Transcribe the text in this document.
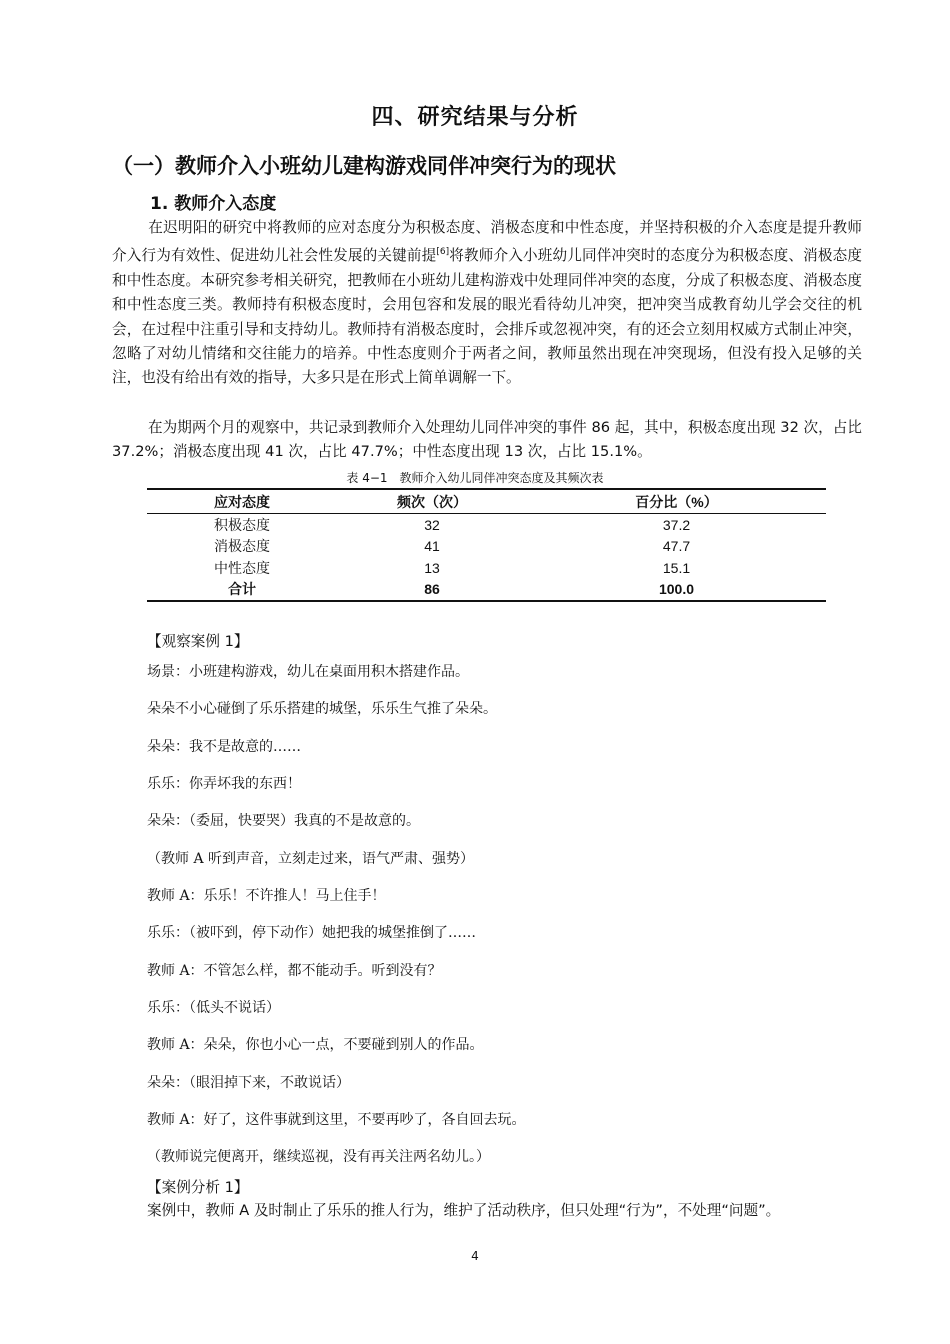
四、研究结果与分析
（一）教师介入小班幼儿建构游戏同伴冲突行为的现状
1. 教师介入态度
在迟明阳的研究中将教师的应对态度分为积极态度、消极态度和中性态度，并坚持积极的介入态度是提升教师介入行为有效性、促进幼儿社会性发展的关键前提[6]将教师介入小班幼儿同伴冲突时的态度分为积极态度、消极态度和中性态度。本研究参考相关研究，把教师在小班幼儿建构游戏中处理同伴冲突的态度，分成了积极态度、消极态度和中性态度三类。教师持有积极态度时，会用包容和发展的眼光看待幼儿冲突，把冲突当成教育幼儿学会交往的机会，在过程中注重引导和支持幼儿。教师持有消极态度时，会排斥或忽视冲突，有的还会立刻用权威方式制止冲突，忽略了对幼儿情绪和交往能力的培养。中性态度则介于两者之间，教师虽然出现在冲突现场，但没有投入足够的关注，也没有给出有效的指导，大多只是在形式上简单调解一下。
在为期两个月的观察中，共记录到教师介入处理幼儿同伴冲突的事件 86 起，其中，积极态度出现 32 次，占比 37.2%；消极态度出现 41 次，占比 47.7%；中性态度出现 13 次，占比 15.1%。
表 4−1　教师介入幼儿同伴冲突态度及其频次表
应对态度	频次（次）	百分比（%）
积极态度	32	37.2
消极态度	41	47.7
中性态度	13	15.1
合计	86	100.0
【观察案例 1】
场景：小班建构游戏，幼儿在桌面用积木搭建作品。
朵朵不小心碰倒了乐乐搭建的城堡，乐乐生气推了朵朵。
朵朵：我不是故意的……
乐乐：你弄坏我的东西！
朵朵：（委屈，快要哭）我真的不是故意的。
（教师 A 听到声音，立刻走过来，语气严肃、强势）
教师 A：乐乐！不许推人！马上住手！
乐乐：（被吓到，停下动作）她把我的城堡推倒了……
教师 A：不管怎么样，都不能动手。听到没有？
乐乐：（低头不说话）
教师 A：朵朵，你也小心一点，不要碰到别人的作品。
朵朵：（眼泪掉下来，不敢说话）
教师 A：好了，这件事就到这里，不要再吵了，各自回去玩。
（教师说完便离开，继续巡视，没有再关注两名幼儿。）
【案例分析 1】
案例中，教师 A 及时制止了乐乐的推人行为，维护了活动秩序，但只处理“行为”，不处理“问题”。
4
